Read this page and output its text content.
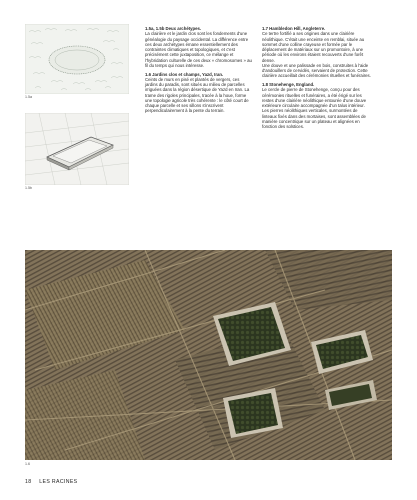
1.5a
1.5b
1.5a, 1.5b Deux archétypes.

La clairière et le jardin clos sont les fondements d'une généalogie du paysage occidental. La différence entre ces deux archétypes émane essentiellement des contraintes climatiques et topologiques, et c'est précisément cette juxtaposition, ce mélange et l'hybridation culturelle de ces deux « chromosomes » au fil du temps qui nous intéresse.

1.6 Jardins clos et champs, Yazd, Iran.

Ceints de murs en pisé et plantés de vergers, ces jardins du paradis, sont situés au milieu de parcelles irriguées dans la région désertique de Yazd en Iran. La trame des rigoles principales, tracée à la houe, forme une topologie agricole très cohérente : le côté court de chaque parcelle et ses sillons s'inscrivent perpendiculairement à la pente du terrain.

1.7 Hambledon Hill, Angleterre.

Ce tertre fortifié a ses origines dans une clairière néolithique. C'était une enceinte en remblai, située au sommet d'une colline crayeuse et formée par le déplacement de matériaux sur un promontoire, à une période où les environs étaient recouverts d'une forêt dense.

Une douve et une palissade en bois, construites à l'aide d'andouillers de cervidés, servaient de protection. Cette clairière accueillait des cérémonies rituelles et funéraires.

1.8 Stonehenge, England.

Le cercle de pierre de Stonehenge, conçu pour des cérémonies rituelles et funéraires, a été érigé sur les restes d'une clairière néolithique entourée d'une douve extérieure circulaire accompagnée d'un talus intérieur. Les pierres néolithiques verticales, surmontées de linteaux fixés dans des mortaises, sont assemblées de manière concentrique sur un plateau et alignées en fonction des solstices.

1.6
18 LES RACINES
